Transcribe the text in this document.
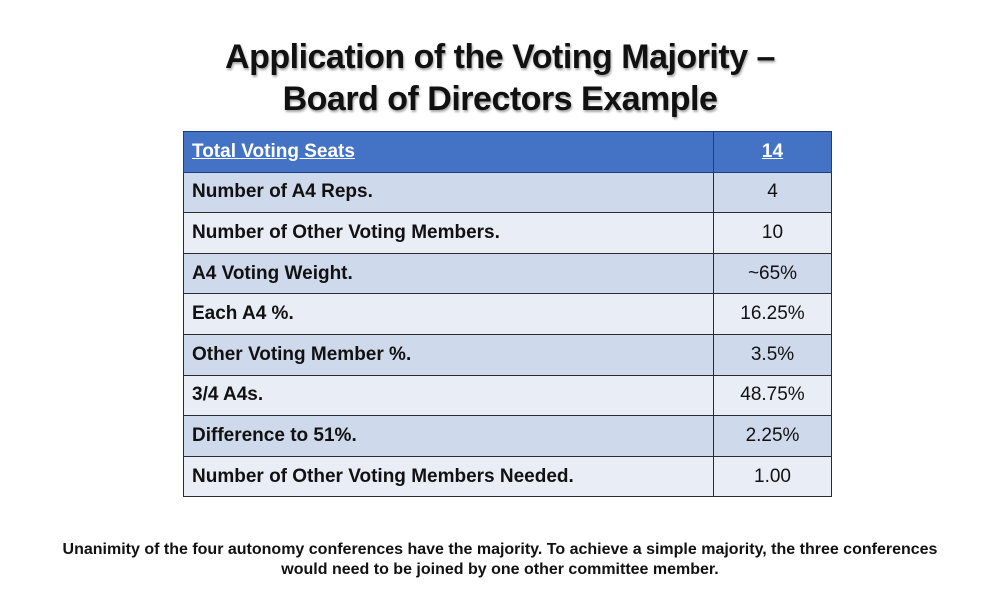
Application of the Voting Majority –
Board of Directors Example
Total Voting Seats	14
Number of A4 Reps.	4
Number of Other Voting Members.	10
A4 Voting Weight.	~65%
Each A4 %.	16.25%
Other Voting Member %.	3.5%
3/4 A4s.	48.75%
Difference to 51%.	2.25%
Number of Other Voting Members Needed.	1.00
Unanimity of the four autonomy conferences have the majority. To achieve a simple majority, the three conferences
would need to be joined by one other committee member.
